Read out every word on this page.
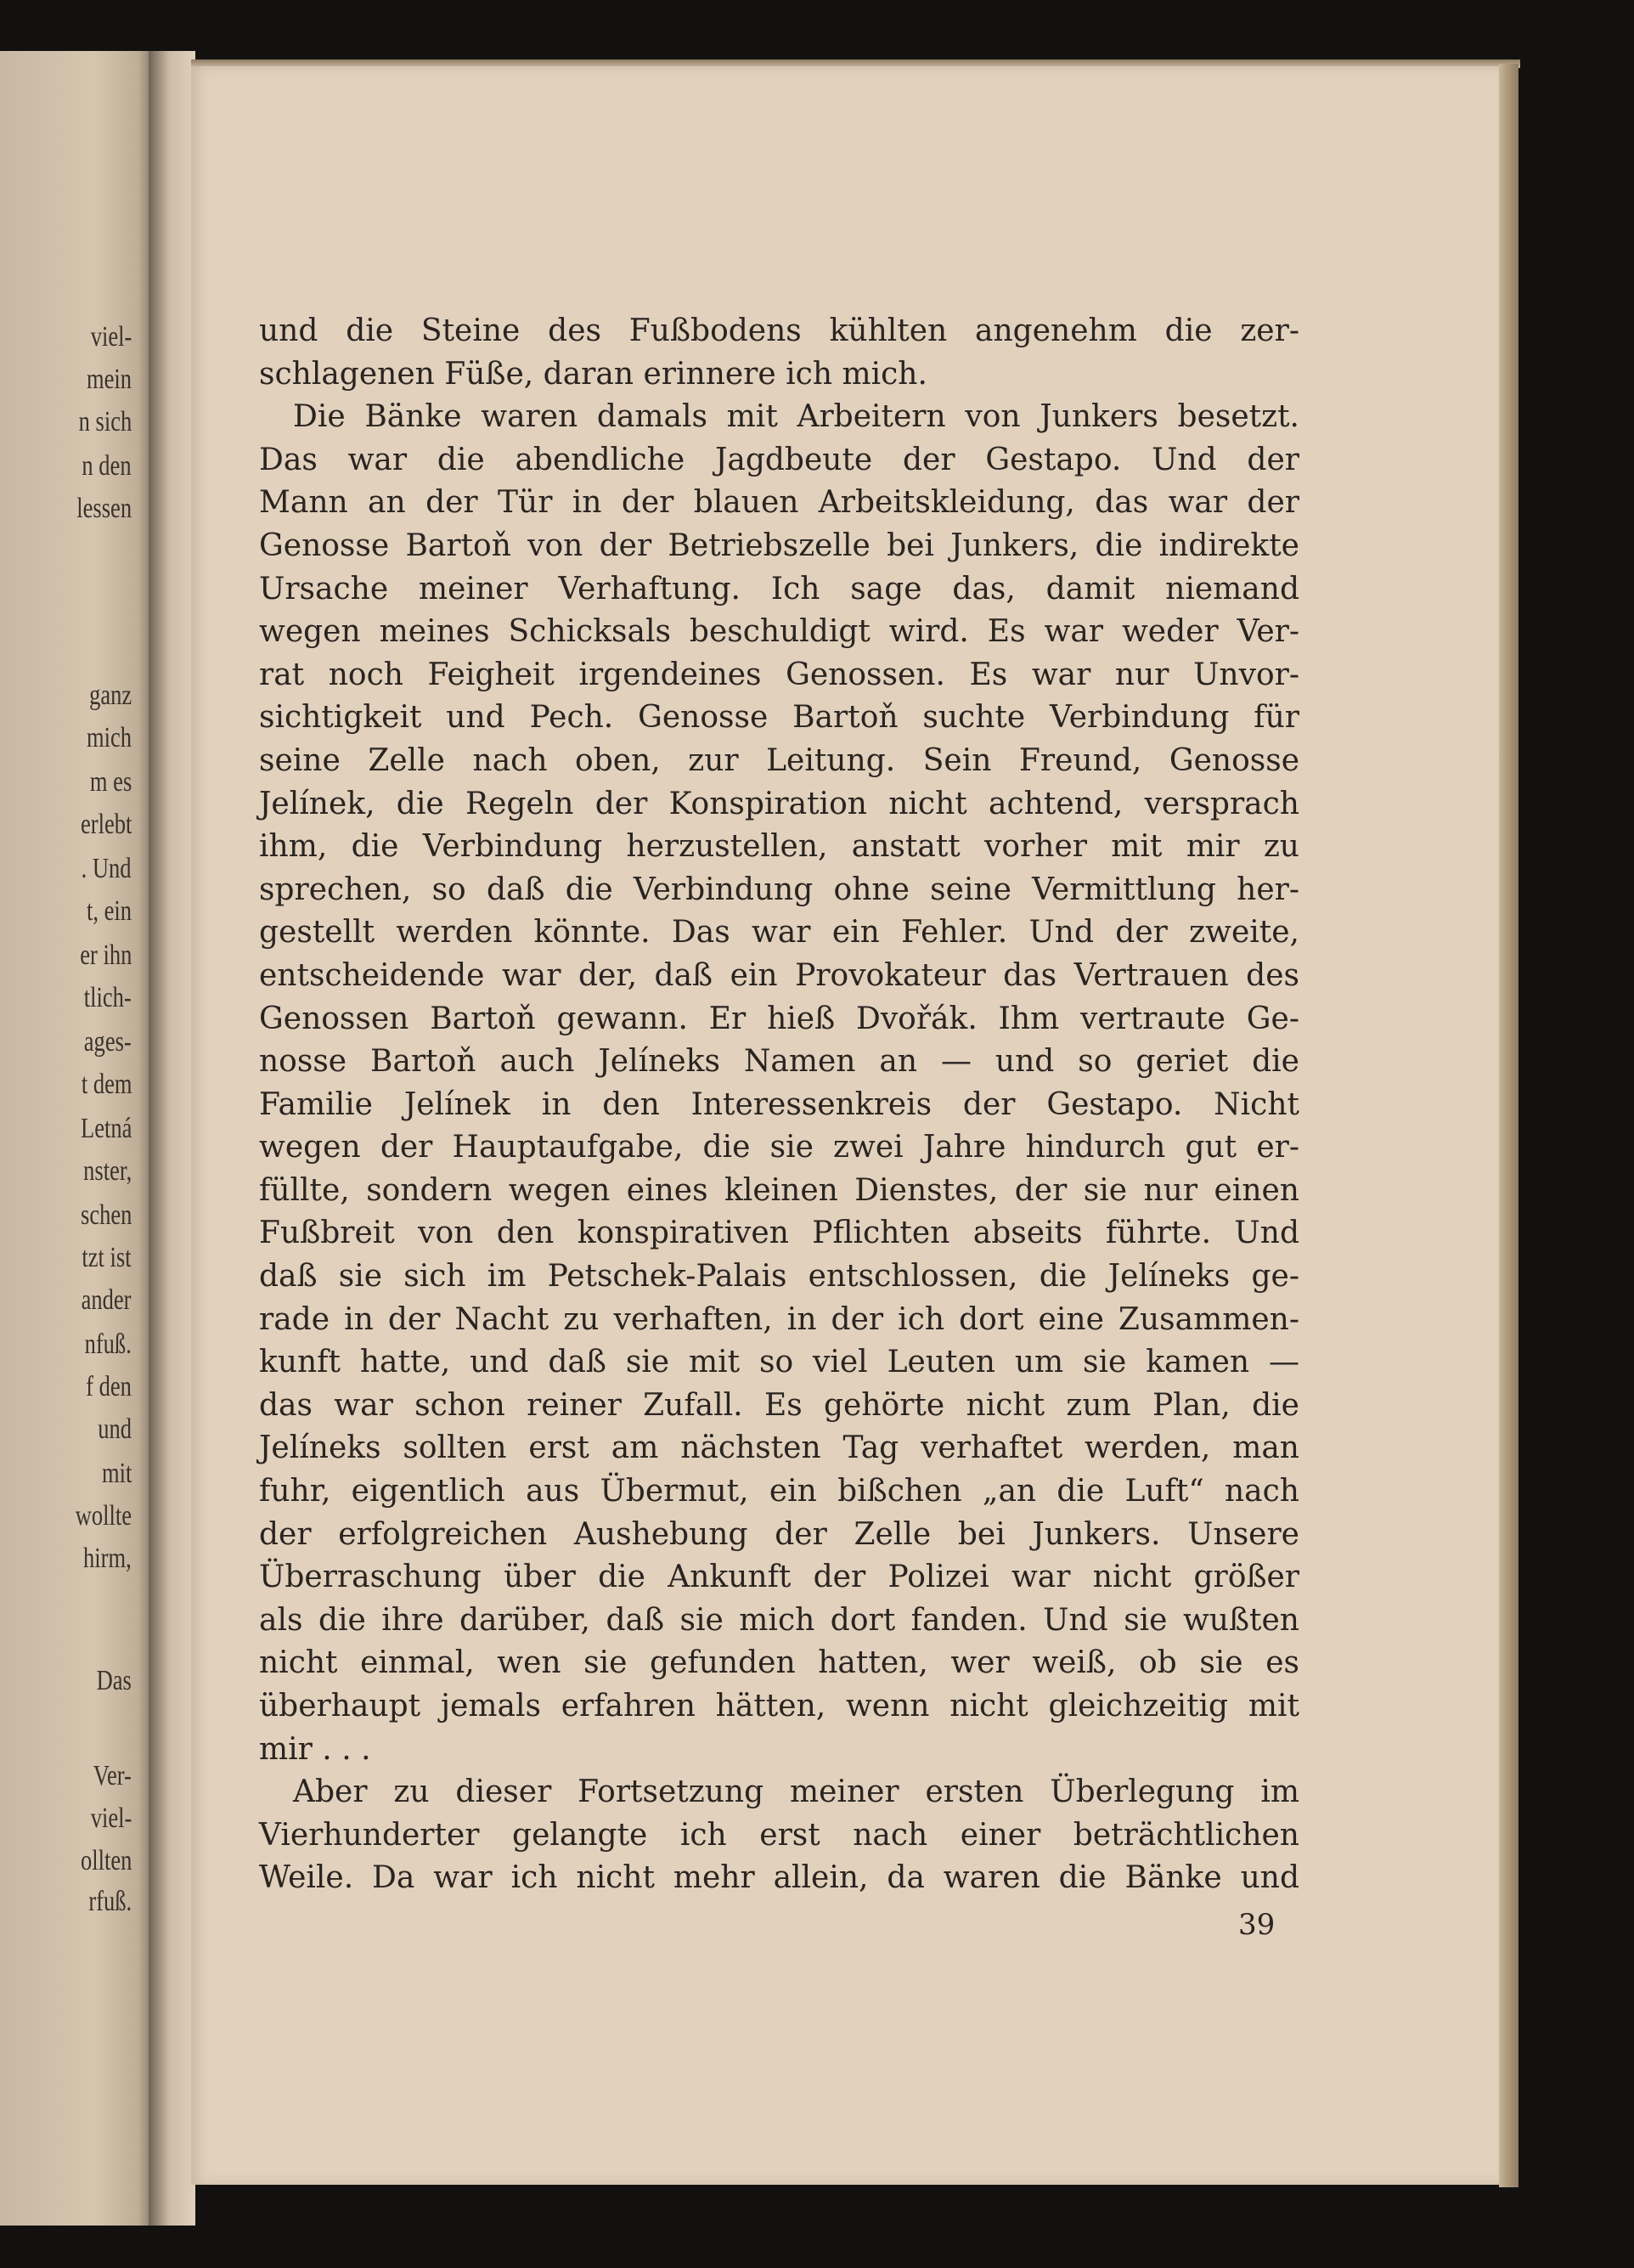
viel-
mein
n sich
n den
lessen
ganz
mich
m es
erlebt
. Und
t, ein
er ihn
tlich-
ages-
t dem
Letná
nster,
schen
tzt ist
ander
nfuß.
f den
und
mit
wollte
hirm,
Das
Ver-
viel-
ollten
rfuß.
und die Steine des Fußbodens kühlten angenehm die zer-
schlagenen Füße, daran erinnere ich mich.
Die Bänke waren damals mit Arbeitern von Junkers besetzt.
Das war die abendliche Jagdbeute der Gestapo. Und der
Mann an der Tür in der blauen Arbeitskleidung, das war der
Genosse Bartoň von der Betriebszelle bei Junkers, die indirekte
Ursache meiner Verhaftung. Ich sage das, damit niemand
wegen meines Schicksals beschuldigt wird. Es war weder Ver-
rat noch Feigheit irgendeines Genossen. Es war nur Unvor-
sichtigkeit und Pech. Genosse Bartoň suchte Verbindung für
seine Zelle nach oben, zur Leitung. Sein Freund, Genosse
Jelínek, die Regeln der Konspiration nicht achtend, versprach
ihm, die Verbindung herzustellen, anstatt vorher mit mir zu
sprechen, so daß die Verbindung ohne seine Vermittlung her-
gestellt werden könnte. Das war ein Fehler. Und der zweite,
entscheidende war der, daß ein Provokateur das Vertrauen des
Genossen Bartoň gewann. Er hieß Dvořák. Ihm vertraute Ge-
nosse Bartoň auch Jelíneks Namen an — und so geriet die
Familie Jelínek in den Interessenkreis der Gestapo. Nicht
wegen der Hauptaufgabe, die sie zwei Jahre hindurch gut er-
füllte, sondern wegen eines kleinen Dienstes, der sie nur einen
Fußbreit von den konspirativen Pflichten abseits führte. Und
daß sie sich im Petschek-Palais entschlossen, die Jelíneks ge-
rade in der Nacht zu verhaften, in der ich dort eine Zusammen-
kunft hatte, und daß sie mit so viel Leuten um sie kamen —
das war schon reiner Zufall. Es gehörte nicht zum Plan, die
Jelíneks sollten erst am nächsten Tag verhaftet werden, man
fuhr, eigentlich aus Übermut, ein bißchen „an die Luft“ nach
der erfolgreichen Aushebung der Zelle bei Junkers. Unsere
Überraschung über die Ankunft der Polizei war nicht größer
als die ihre darüber, daß sie mich dort fanden. Und sie wußten
nicht einmal, wen sie gefunden hatten, wer weiß, ob sie es
überhaupt jemals erfahren hätten, wenn nicht gleichzeitig mit
mir . . .
Aber zu dieser Fortsetzung meiner ersten Überlegung im
Vierhunderter gelangte ich erst nach einer beträchtlichen
Weile. Da war ich nicht mehr allein, da waren die Bänke und
39
